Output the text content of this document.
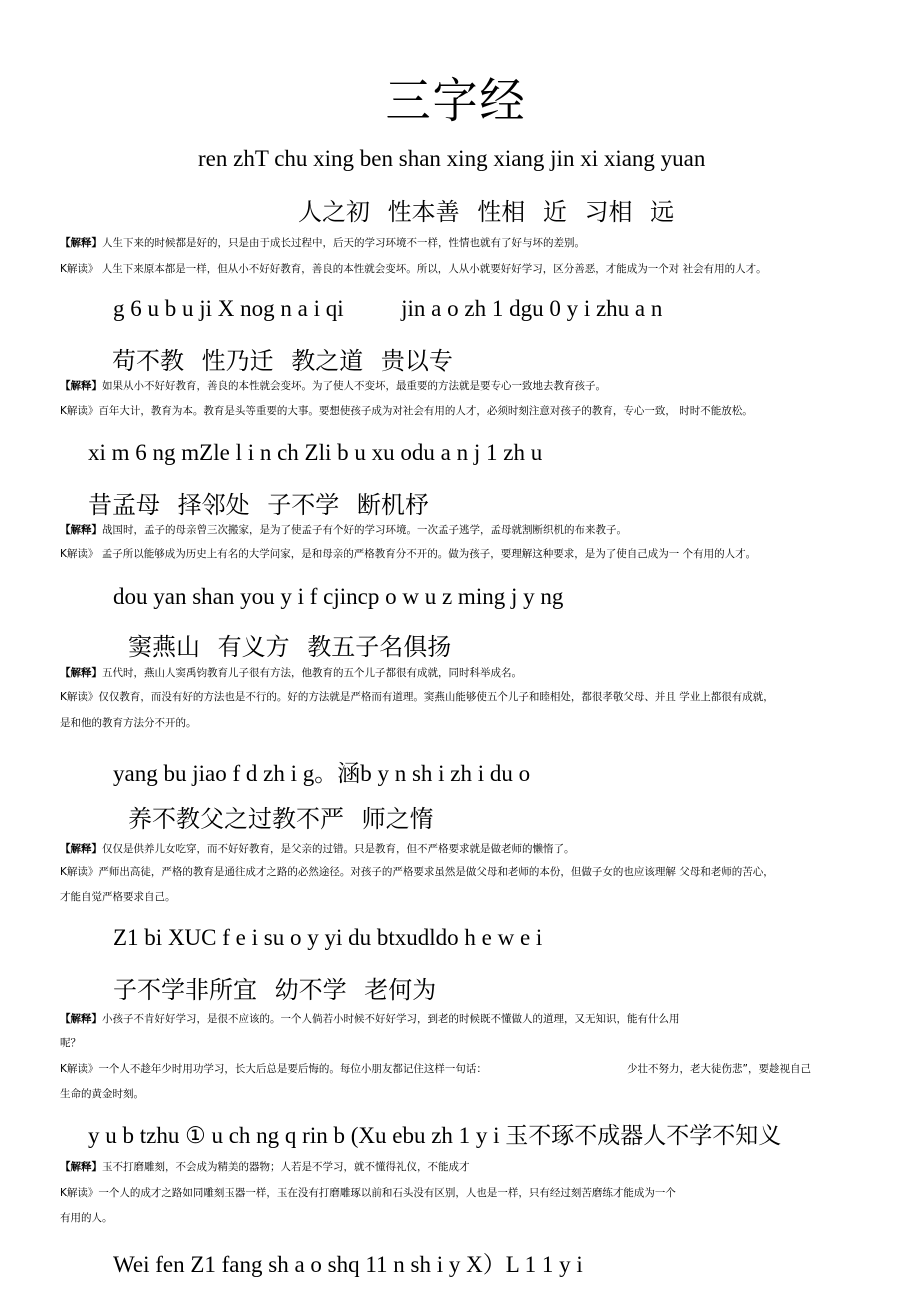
三字经
ren zhT chu xing ben shan xing xiang jin xi xiang yuan
人之初 性本善 性相 近 习相 远
【解释】人生下来的时候都是好的，只是由于成长过程中，后天的学习环境不一样，性情也就有了好与坏的差别。
K解读》 人生下来原本都是一样，但从小不好好教育，善良的本性就会变坏。所以，人从小就要好好学习，区分善恶，才能成为一个对 社会有用的人才。
g 6 u b u ji X nog n a i qi          jin a o zh 1 dgu 0 y i zhu a n
苟不教 性乃迁 教之道 贵以专
【解释】如果从小不好好教育，善良的本性就会变坏。为了使人不变坏，最重要的方法就是要专心一致地去教育孩子。
K解读》百年大计，教育为本。教育是头等重要的大事。要想使孩子成为对社会有用的人才，必须时刻注意对孩子的教育，专心一致， 时时不能放松。
xi m 6 ng mZle l i n ch Zli b u xu odu a n j 1 zh u
昔孟母 择邻处 子不学 断机杼
【解释】战国时，孟子的母亲曾三次搬家，是为了使孟子有个好的学习环境。一次孟子逃学，孟母就割断织机的布来教子。
K解读》 孟子所以能够成为历史上有名的大学问家，是和母亲的严格教育分不开的。做为孩子，要理解这种要求，是为了使自己成为一 个有用的人才。
dou yan shan you y i f cjincp o w u z ming j y ng
窦燕山 有义方 教五子名俱扬
【解释】五代时，燕山人窦禹钧教育儿子很有方法，他教育的五个儿子都很有成就，同时科举成名。
K解读》仅仅教育，而没有好的方法也是不行的。好的方法就是严格而有道理。窦燕山能够使五个儿子和睦相处，都很孝敬父母、并且 学业上都很有成就，
是和他的教育方法分不开的。
yang bu jiao f d zh i g。涵b y n sh i zh i du o
养不教父之过教不严 师之惰
【解释】仅仅是供养儿女吃穿，而不好好教育，是父亲的过错。只是教育，但不严格要求就是做老师的懒惰了。
K解读》严师出高徒，严格的教育是通往成才之路的必然途径。对孩子的严格要求虽然是做父母和老师的本份，但做子女的也应该理解 父母和老师的苦心，
才能自觉严格要求自己。
Z1 bi XUC f e i su o y yi du btxudldo h e w e i
子不学非所宜 幼不学 老何为
【解释】小孩子不肯好好学习，是很不应该的。一个人倘若小时候不好好学习，到老的时候既不懂做人的道理，又无知识，能有什么用
呢？
K解读》一个人不趁年少时用功学习，长大后总是要后悔的。每位小朋友都记住这样一句话：	少壮不努力，老大徒伤悲”，要趁视自己
生命的黄金时刻。
y u b tzhu ① u ch ng q rin b (Xu ebu zh 1 y i 玉不琢不成器人不学不知义
【解释】玉不打磨雕刻，不会成为精美的器物；人若是不学习，就不懂得礼仪，不能成才
K解读》一个人的成才之路如同雕刻玉器一样，玉在没有打磨雕琢以前和石头没有区别，人也是一样，只有经过刻苦磨练才能成为一个
有用的人。
Wei fen Z1 fang sh a o shq 11 n sh i y X）L 1 1 y i
